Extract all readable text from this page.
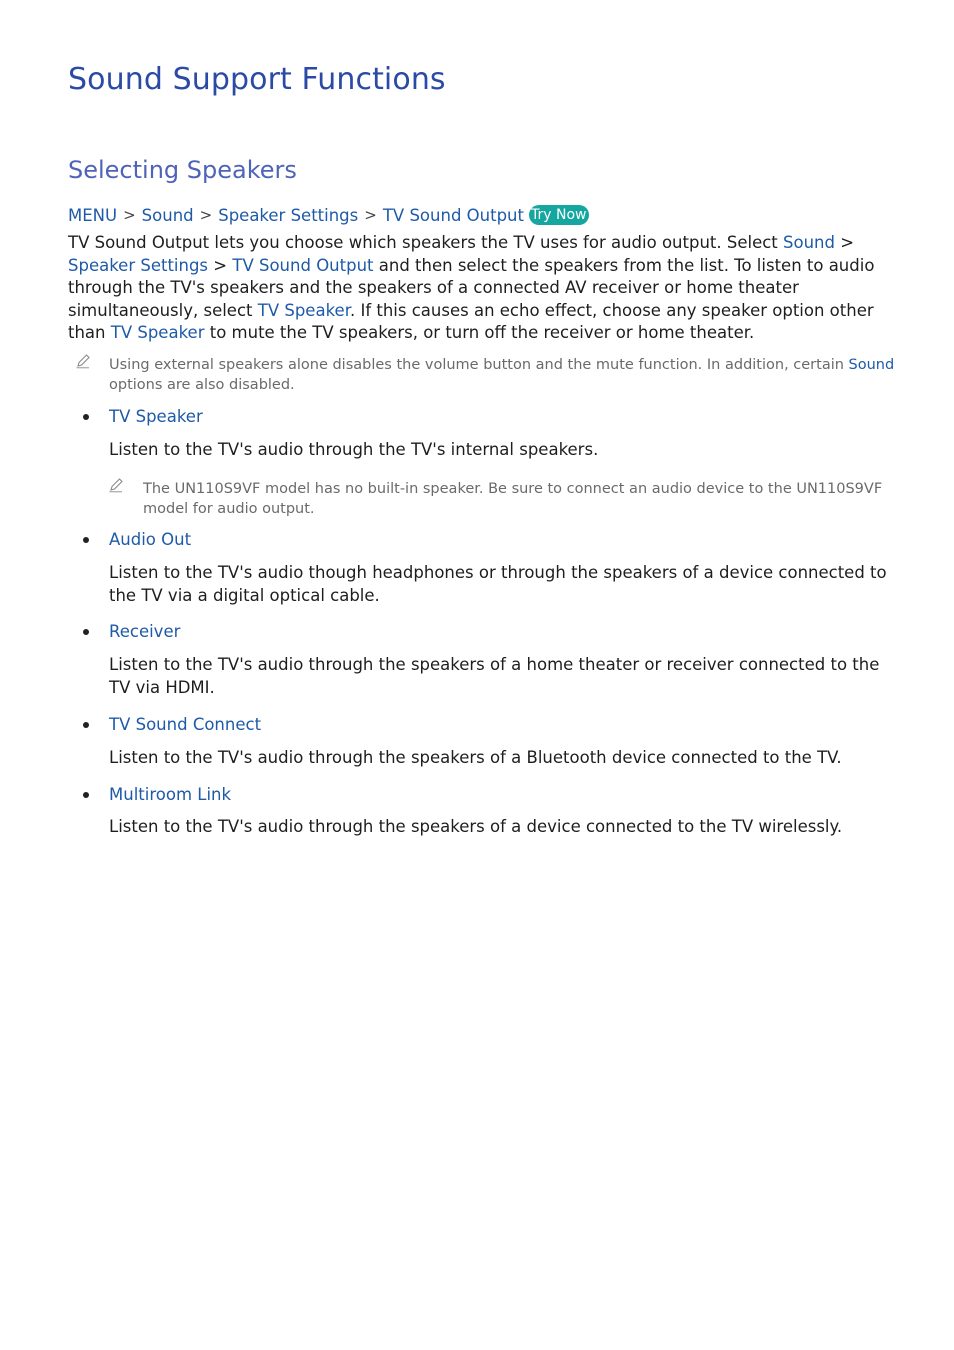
Sound Support Functions
Selecting Speakers
MENU > Sound > Speaker Settings > TV Sound Output Try Now

TV Sound Output lets you choose which speakers the TV uses for audio output. Select Sound > Speaker Settings > TV Sound Output and then select the speakers from the list. To listen to audio through the TV's speakers and the speakers of a connected AV receiver or home theater simultaneously, select TV Speaker. If this causes an echo effect, choose any speaker option other than TV Speaker to mute the TV speakers, or turn off the receiver or home theater.

Using external speakers alone disables the volume button and the mute function. In addition, certain Sound options are also disabled.

TV Speaker

Listen to the TV's audio through the TV's internal speakers.

The UN110S9VF model has no built-in speaker. Be sure to connect an audio device to the UN110S9VF model for audio output.

Audio Out

Listen to the TV's audio though headphones or through the speakers of a device connected to the TV via a digital optical cable.

Receiver

Listen to the TV's audio through the speakers of a home theater or receiver connected to the TV via HDMI.

TV Sound Connect

Listen to the TV's audio through the speakers of a Bluetooth device connected to the TV.

Multiroom Link

Listen to the TV's audio through the speakers of a device connected to the TV wirelessly.
